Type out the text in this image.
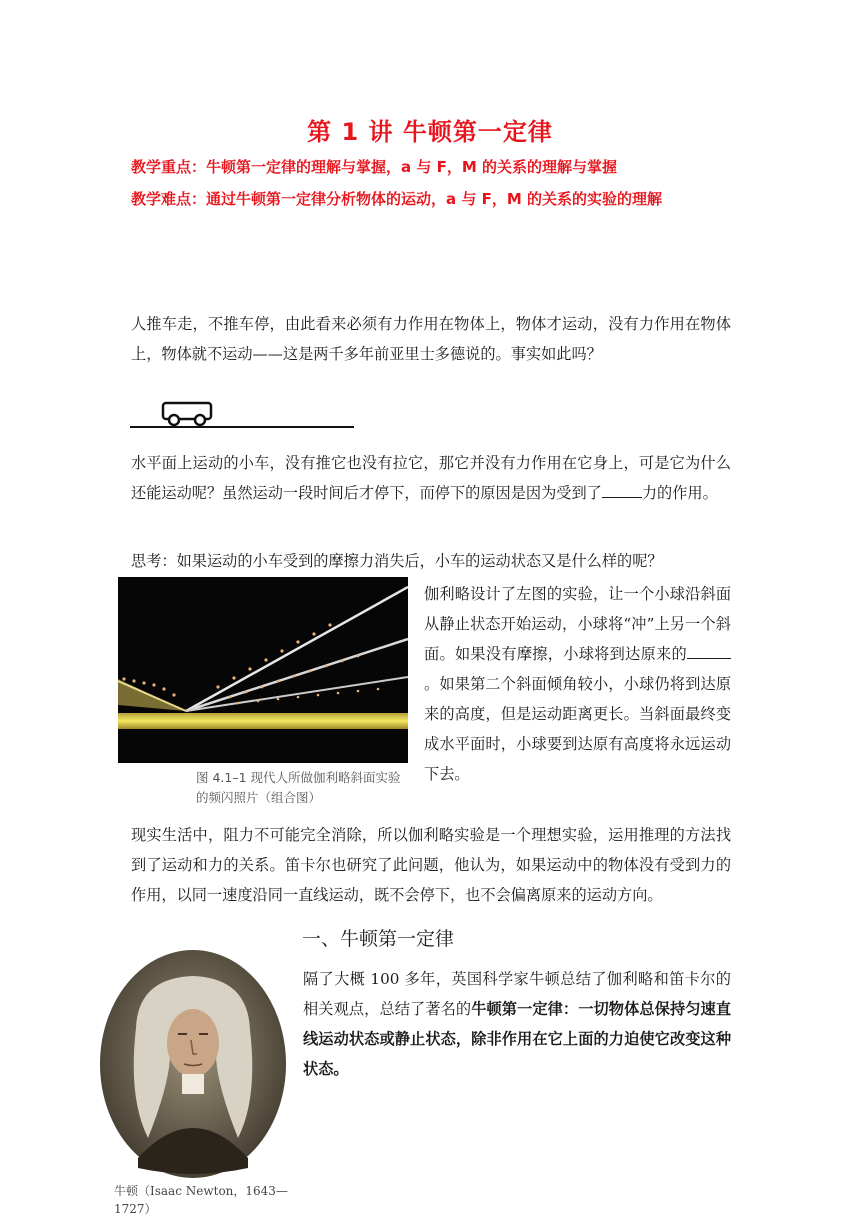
第 1 讲 牛顿第一定律
教学重点：牛顿第一定律的理解与掌握，a 与 F，M 的关系的理解与掌握
教学难点：通过牛顿第一定律分析物体的运动，a 与 F，M 的关系的实验的理解
人推车走，不推车停，由此看来必须有力作用在物体上，物体才运动，没有力作用在物体上，物体就不运动——这是两千多年前亚里士多德说的。事实如此吗？
水平面上运动的小车，没有推它也没有拉它，那它并没有力作用在它身上，可是它为什么还能运动呢？虽然运动一段时间后才停下，而停下的原因是因为受到了	力的作用。
思考：如果运动的小车受到的摩擦力消失后，小车的运动状态又是什么样的呢？
图 4.1–1 现代人所做伽利略斜面实验的频闪照片（组合图）
伽利略设计了左图的实验，让一个小球沿斜面从静止状态开始运动，小球将“冲”上另一个斜面。如果没有摩擦，小球将到达原来的。如果第二个斜面倾角较小，小球仍将到达原来的高度，但是运动距离更长。当斜面最终变成水平面时，小球要到达原有高度将永远运动下去。
现实生活中，阻力不可能完全消除，所以伽利略实验是一个理想实验，运用推理的方法找到了运动和力的关系。笛卡尔也研究了此问题，他认为，如果运动中的物体没有受到力的作用，以同一速度沿同一直线运动，既不会停下，也不会偏离原来的运动方向。
一、牛顿第一定律
牛顿（Isaac Newton，1643—1727）
隔了大概 100 多年，英国科学家牛顿总结了伽利略和笛卡尔的相关观点，总结了著名的牛顿第一定律：一切物体总保持匀速直线运动状态或静止状态，除非作用在它上面的力迫使它改变这种状态。
